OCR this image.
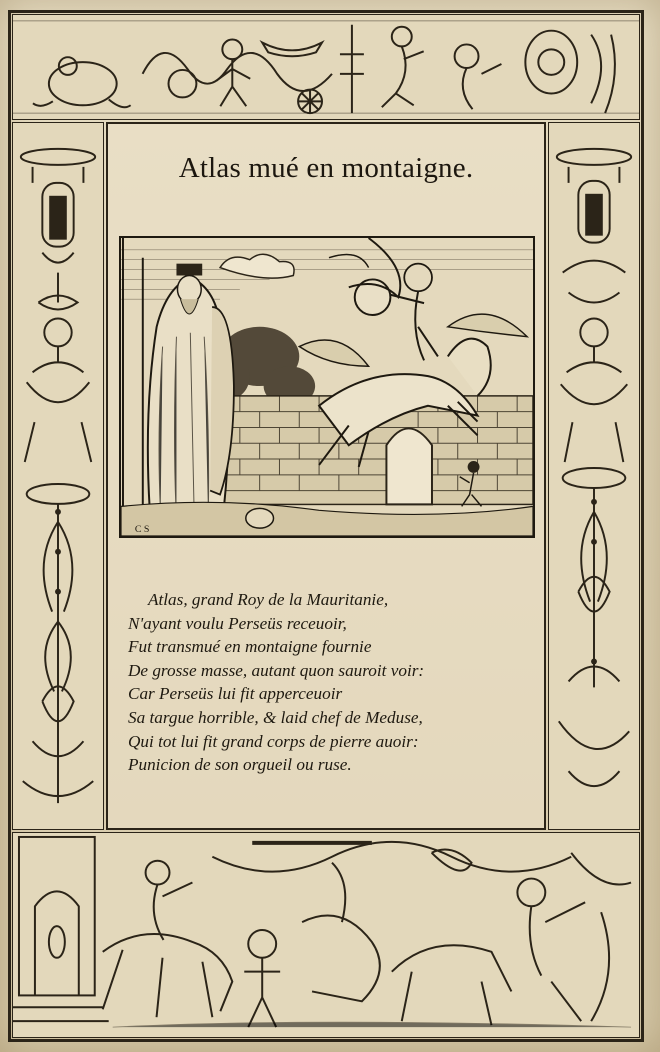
Atlas mué en montaigne.
C S
Atlas, grand Roy de la Mauritanie,
N'ayant voulu Perseüs receuoir,
Fut transmué en montaigne fournie
De grosse masse, autant quon sauroit voir:
Car Perseüs lui fit apperceuoir
Sa targue horrible, & laid chef de Meduse,
Qui tot lui fit grand corps de pierre auoir:
Punicion de son orgueil ou ruse.
